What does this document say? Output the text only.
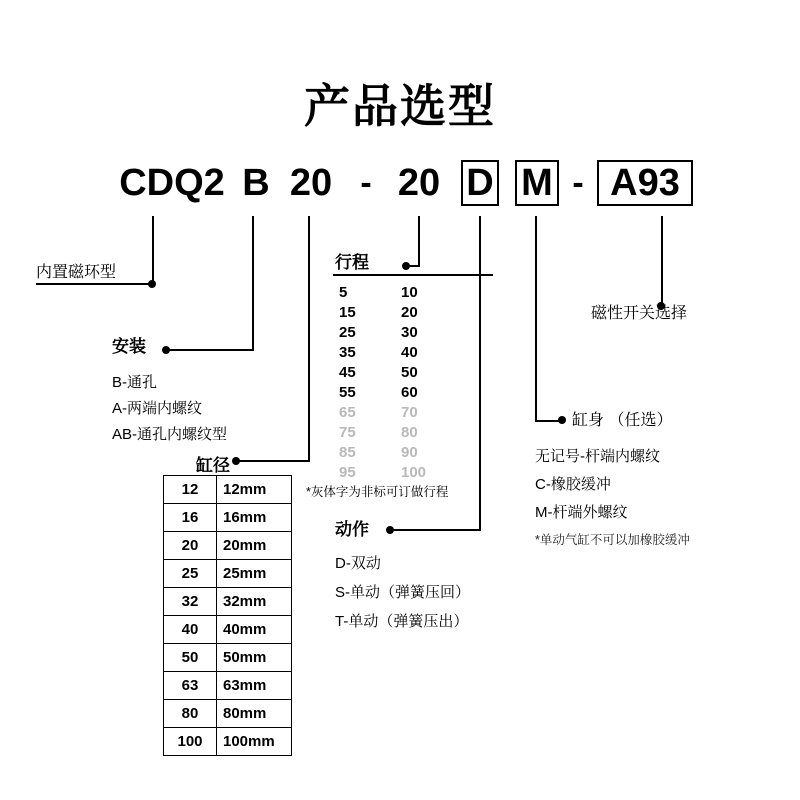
产品选型
CDQ2 B 20 - 20 D M - A93
内置磁环型
安装
B-通孔
A-两端内螺纹
AB-通孔内螺纹型
缸径
12	12mm
16	16mm
20	20mm
25	25mm
32	32mm
40	40mm
50	50mm
63	63mm
80	80mm
100	100mm
行程
5	10
15	20
25	30
35	40
45	50
55	60
65	70
75	80
85	90
95	100
*灰体字为非标可订做行程
动作
D-双动
S-单动（弹簧压回）
T-单动（弹簧压出）
缸身 （任选）
无记号-杆端内螺纹
C-橡胶缓冲
M-杆端外螺纹
*单动气缸不可以加橡胶缓冲
磁性开关选择
